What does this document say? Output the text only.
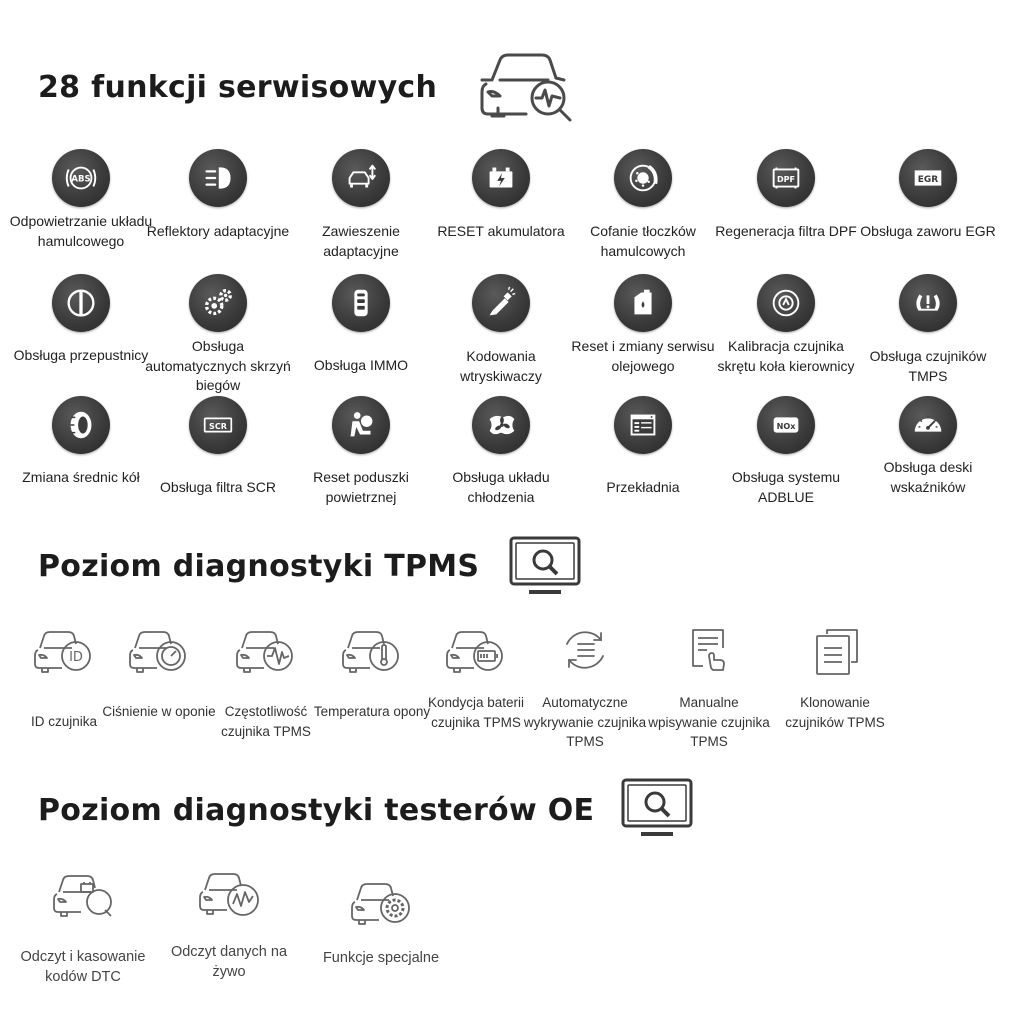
28 funkcji serwisowych
Poziom diagnostyki TPMS
Poziom diagnostyki testerów OE
ABS
Odpowietrzanie układu hamulcowego
Reflektory adaptacyjne	Zawieszenie adaptacyjne
RESET akumulatora	Cofanie tłoczków hamulcowych
DPF
Regeneracja filtra DPF
EGR
Obsługa zaworu EGR
Obsługa przepustnicy
Obsługa automatycznych skrzyń biegów
Obsługa IMMO
Kodowania wtryskiwaczy
Reset i zmiany serwisu olejowego
Kalibracja czujnika skrętu koła kierownicy
Obsługa czujników TMPS
Zmiana średnic kół
SCR
Obsługa filtra SCR
Reset poduszki powietrznej
Obsługa układu chłodzenia
Przekładnia
NOx
Obsługa systemu ADBLUE
Obsługa deski wskaźników
ID
ID czujnika
Ciśnienie w oponie Częstotliwość czujnika TPMS
Temperatura opony
Kondycja baterii czujnika TPMS
Automatyczne wykrywanie czujnika TPMS
Manualne wpisywanie czujnika TPMS
Klonowanie czujników TPMS
Odczyt i kasowanie kodów DTC
Odczyt danych na żywo
Funkcje specjalne
